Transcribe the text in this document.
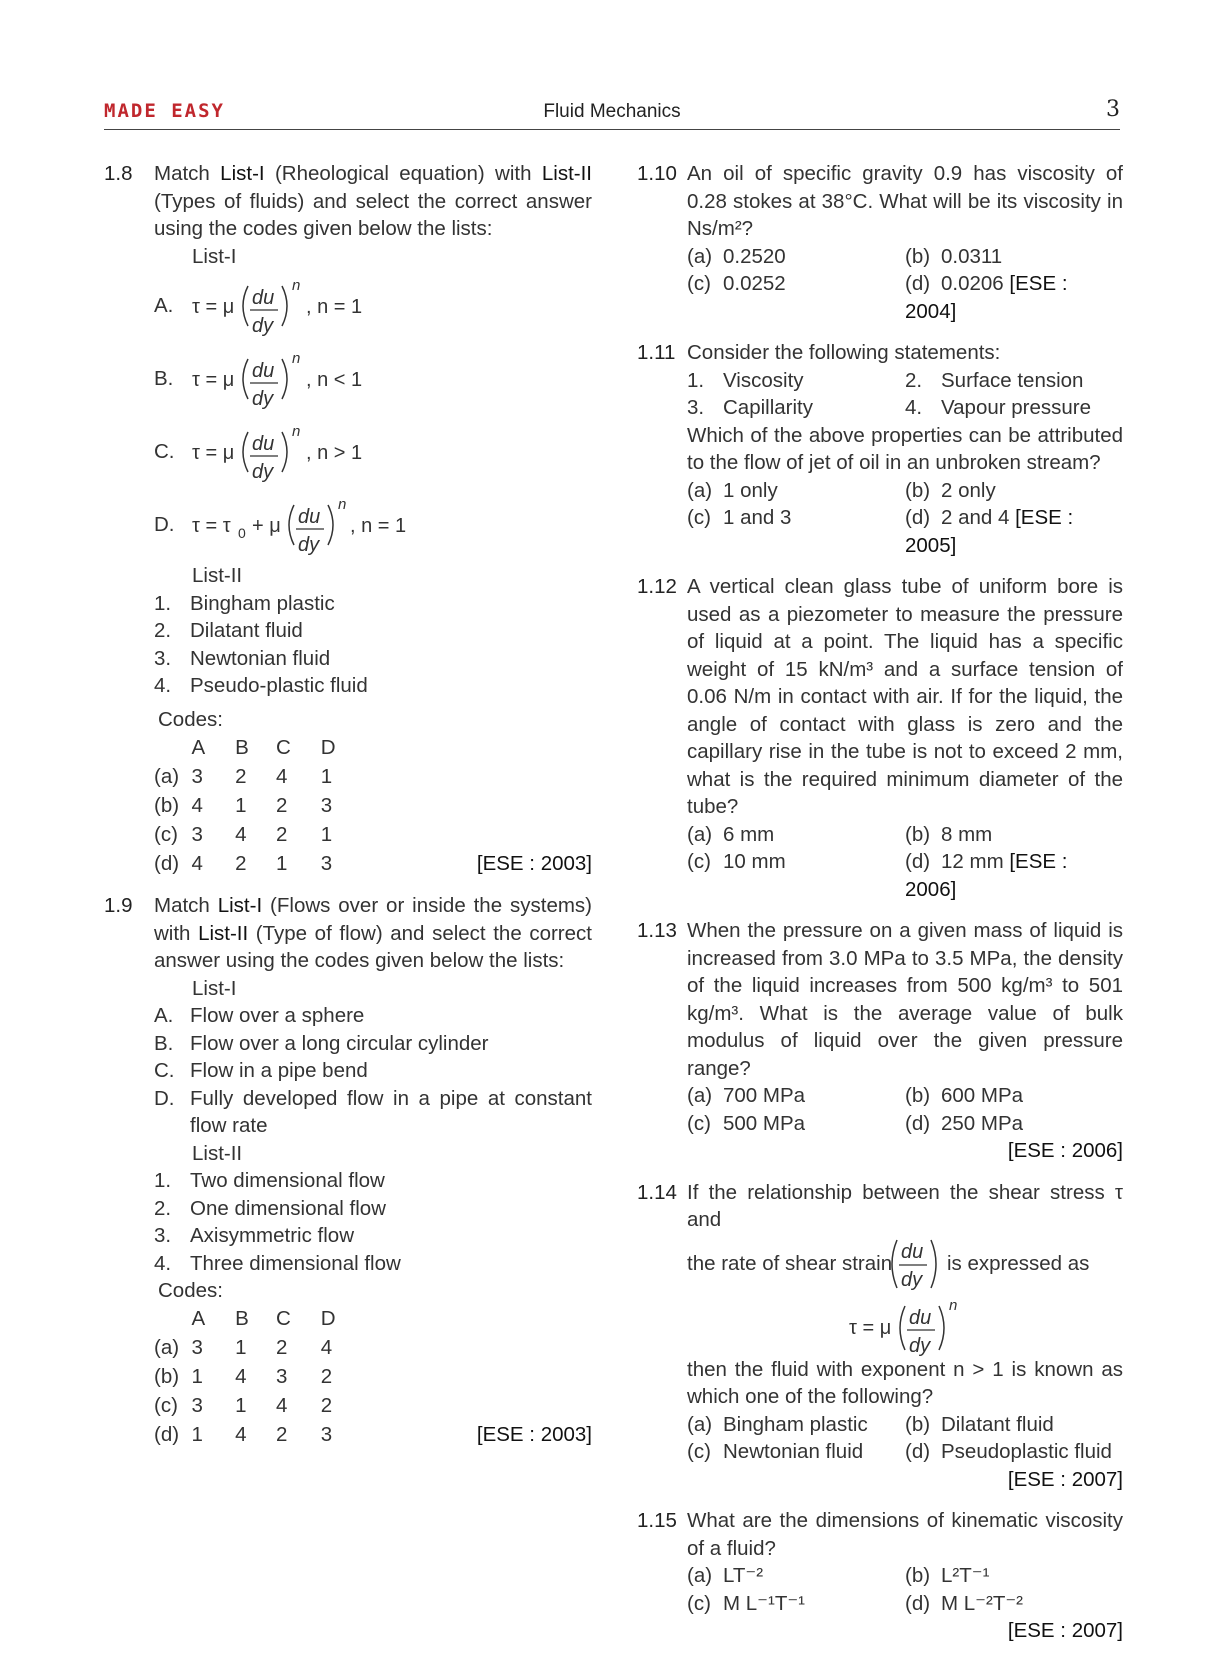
MADE EASY	Fluid Mechanics	3
1.8 Match List-I (Rheological equation) with List-II (Types of fluids) and select the correct answer using the codes given below the lists:
List-I
A. τ = μ du
dy
n
, n = 1
B. τ = μ du
dy
n
, n < 1
C. τ = μ du
dy
n
, n > 1
D. τ = τ 0 + μ du
dy
n
, n = 1
List-II
1. Bingham plastic
2. Dilatant fluid
3. Newtonian fluid
4. Pseudo-plastic fluid
Codes:
	A	B	C	D	
(a)	3	2	4	1	
(b)	4	1	2	3	
(c)	3	4	2	1	
(d)	4	2	1	3	[ESE : 2003]
1.9 Match List-I (Flows over or inside the systems) with List-II (Type of flow) and select the correct answer using the codes given below the lists:
List-I
A. Flow over a sphere
B. Flow over a long circular cylinder
C. Flow in a pipe bend
D. Fully developed flow in a pipe at constant flow rate
List-II
1. Two dimensional flow
2. One dimensional flow
3. Axisymmetric flow
4. Three dimensional flow
Codes:
	A	B	C	D	
(a)	3	1	2	4	
(b)	1	4	3	2	
(c)	3	1	4	2	
(d)	1	4	2	3	[ESE : 2003]
1.10 An oil of specific gravity 0.9 has viscosity of 0.28 stokes at 38°C. What will be its viscosity in Ns/m²?
(a) 0.2520	(b) 0.0311
(c) 0.0252	(d) 0.0206 [ESE : 2004]
1.11 Consider the following statements:
1. Viscosity	2. Surface tension
3. Capillarity	4. Vapour pressure
Which of the above properties can be attributed to the flow of jet of oil in an unbroken stream?
(a) 1 only	(b) 2 only
(c) 1 and 3	(d) 2 and 4 [ESE : 2005]
1.12 A vertical clean glass tube of uniform bore is used as a piezometer to measure the pressure of liquid at a point. The liquid has a specific weight of 15 kN/m³ and a surface tension of 0.06 N/m in contact with air. If for the liquid, the angle of contact with glass is zero and the capillary rise in the tube is not to exceed 2 mm, what is the required minimum diameter of the tube?
(a) 6 mm	(b) 8 mm
(c) 10 mm	(d) 12 mm [ESE : 2006]
1.13 When the pressure on a given mass of liquid is increased from 3.0 MPa to 3.5 MPa, the density of the liquid increases from 500 kg/m³ to 501 kg/m³. What is the average value of bulk modulus of liquid over the given pressure range?
(a) 700 MPa	(b) 600 MPa
(c) 500 MPa	(d) 250 MPa
[ESE : 2006]
1.14 If the relationship between the shear stress τ and
the rate of shear strain du
dy
is expressed as
τ = μ du
dy
n
then the fluid with exponent n > 1 is known as which one of the following?
(a) Bingham plastic	(b) Dilatant fluid
(c) Newtonian fluid	(d) Pseudoplastic fluid
[ESE : 2007]
1.15 What are the dimensions of kinematic viscosity of a fluid?
(a) LT⁻²	(b) L²T⁻¹
(c) M L⁻¹T⁻¹	(d) M L⁻²T⁻²
[ESE : 2007]
